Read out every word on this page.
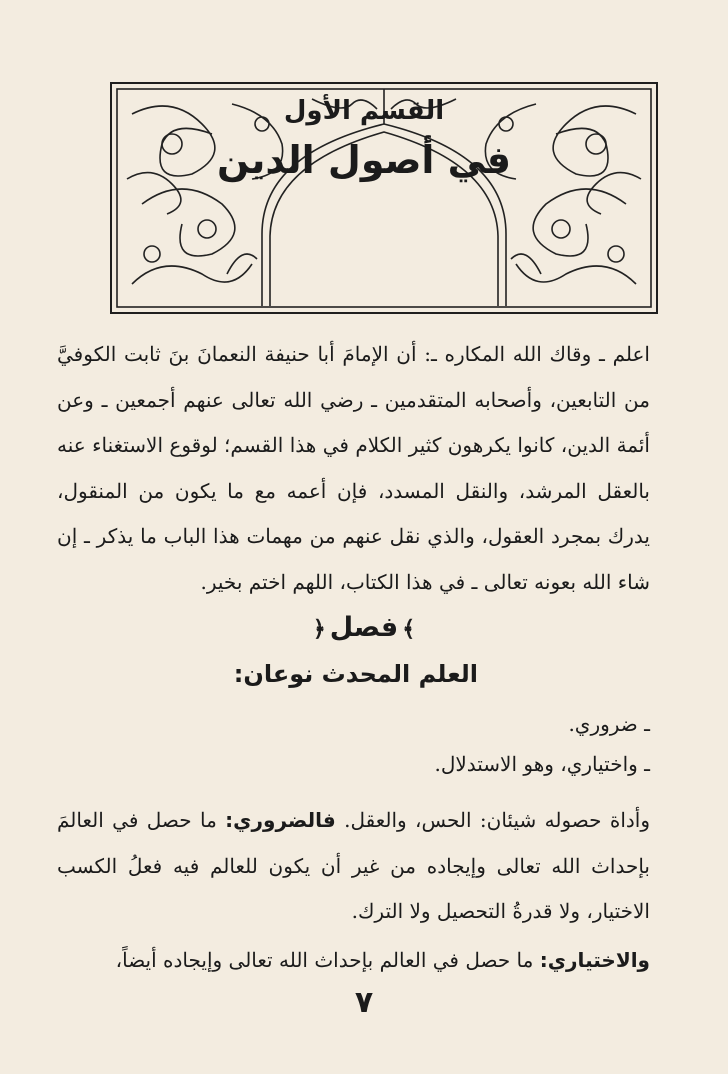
القسم الأول
في أصول الدين

اعلم ـ وقاك الله المكاره ـ: أن الإمامَ أبا حنيفة النعمانَ بنَ ثابت الكوفيَّ من التابعين، وأصحابه المتقدمين ـ رضي الله تعالى عنهم أجمعين ـ وعن أئمة الدين، كانوا يكرهون كثير الكلام في هذا القسم؛ لوقوع الاستغناء عنه بالعقل المرشد، والنقل المسدد، فإن أعمه مع ما يكون من المنقول، يدرك بمجرد العقول، والذي نقل عنهم من مهمات هذا الباب ما يذكر ـ إن شاء الله بعونه تعالى ـ في هذا الكتاب، اللهم اختم بخير.

﴾فصل﴿
العلم المحدث نوعان:
ـ ضروري.
ـ واختياري، وهو الاستدلال.

وأداة حصوله شيئان: الحس، والعقل. فالضروري: ما حصل في العالمَ بإحداث الله تعالى وإيجاده من غير أن يكون للعالم فيه فعلُ الكسب الاختيار، ولا قدرةُ التحصيل ولا الترك.

والاختياري: ما حصل في العالم بإحداث الله تعالى وإيجاده أيضاً،

٧
